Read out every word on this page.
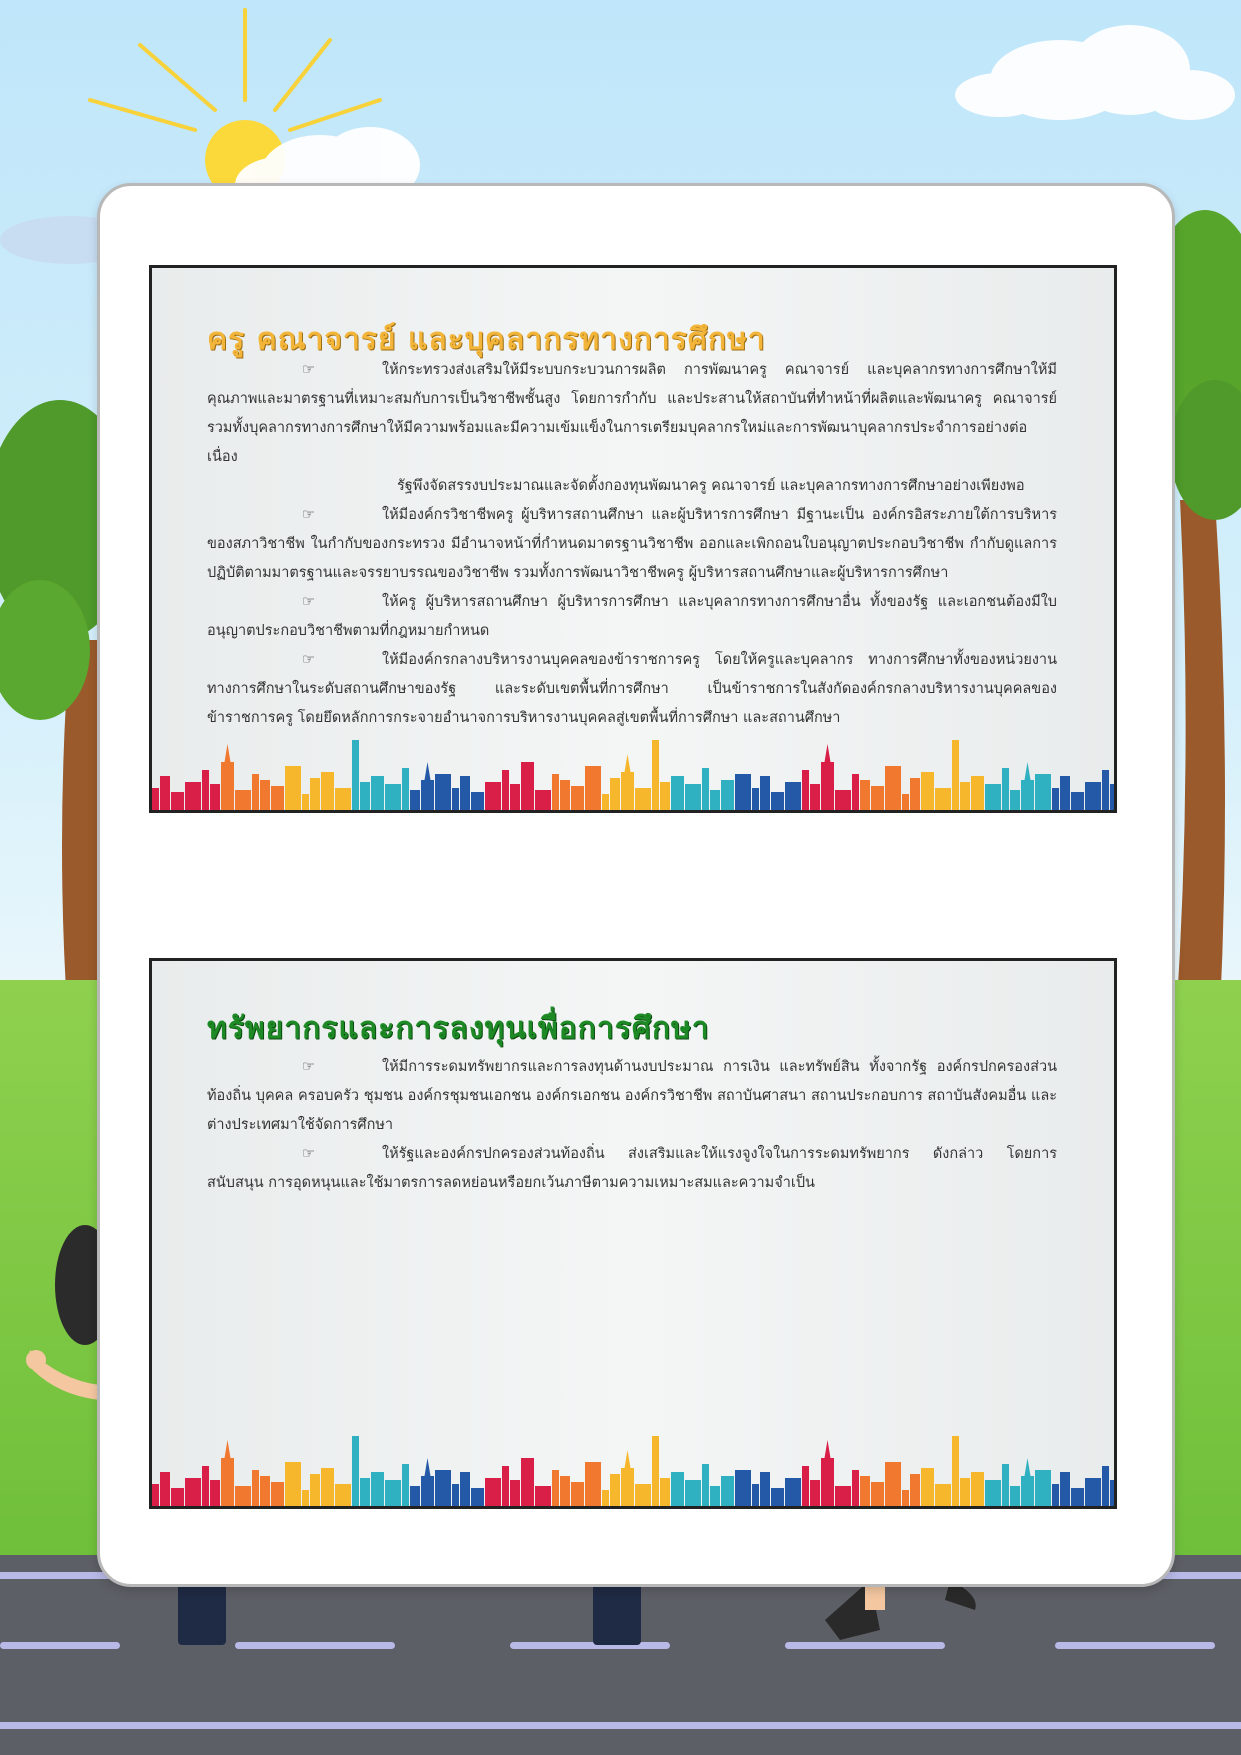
ครู คณาจารย์ และบุคลากรทางการศึกษา

☞	ให้กระทรวงส่งเสริมให้มีระบบกระบวนการผลิต การพัฒนาครู คณาจารย์ และบุคลากรทางการศึกษาให้มีคุณภาพและมาตรฐานที่เหมาะสมกับการเป็นวิชาชีพชั้นสูง โดยการกำกับ และประสานให้สถาบันที่ทำหน้าที่ผลิตและพัฒนาครู คณาจารย์ รวมทั้งบุคลากรทางการศึกษาให้มีความพร้อมและมีความเข้มแข็งในการเตรียมบุคลากรใหม่และการพัฒนาบุคลากรประจำการอย่างต่อเนื่อง

รัฐพึงจัดสรรงบประมาณและจัดตั้งกองทุนพัฒนาครู คณาจารย์ และบุคลากรทางการศึกษาอย่างเพียงพอ

☞	ให้มีองค์กรวิชาชีพครู ผู้บริหารสถานศึกษา และผู้บริหารการศึกษา มีฐานะเป็น องค์กรอิสระภายใต้การบริหารของสภาวิชาชีพ ในกำกับของกระทรวง มีอำนาจหน้าที่กำหนดมาตรฐานวิชาชีพ ออกและเพิกถอนใบอนุญาตประกอบวิชาชีพ กำกับดูแลการปฏิบัติตามมาตรฐานและจรรยาบรรณของวิชาชีพ รวมทั้งการพัฒนาวิชาชีพครู ผู้บริหารสถานศึกษาและผู้บริหารการศึกษา

☞	ให้ครู ผู้บริหารสถานศึกษา ผู้บริหารการศึกษา และบุคลากรทางการศึกษาอื่น ทั้งของรัฐ และเอกชนต้องมีใบอนุญาตประกอบวิชาชีพตามที่กฎหมายกำหนด

☞	ให้มีองค์กรกลางบริหารงานบุคคลของข้าราชการครู โดยให้ครูและบุคลากร ทางการศึกษาทั้งของหน่วยงานทางการศึกษาในระดับสถานศึกษาของรัฐ และระดับเขตพื้นที่การศึกษา เป็นข้าราชการในสังกัดองค์กรกลางบริหารงานบุคคลของข้าราชการครู โดยยึดหลักการกระจายอำนาจการบริหารงานบุคคลสู่เขตพื้นที่การศึกษา และสถานศึกษา

ทรัพยากรและการลงทุนเพื่อการศึกษา

☞	ให้มีการระดมทรัพยากรและการลงทุนด้านงบประมาณ การเงิน และทรัพย์สิน ทั้งจากรัฐ องค์กรปกครองส่วนท้องถิ่น บุคคล ครอบครัว ชุมชน องค์กรชุมชนเอกชน องค์กรเอกชน องค์กรวิชาชีพ สถาบันศาสนา สถานประกอบการ สถาบันสังคมอื่น และต่างประเทศมาใช้จัดการศึกษา

☞	ให้รัฐและองค์กรปกครองส่วนท้องถิ่น ส่งเสริมและให้แรงจูงใจในการระดมทรัพยากร ดังกล่าว โดยการสนับสนุน การอุดหนุนและใช้มาตรการลดหย่อนหรือยกเว้นภาษีตามความเหมาะสมและความจำเป็น
